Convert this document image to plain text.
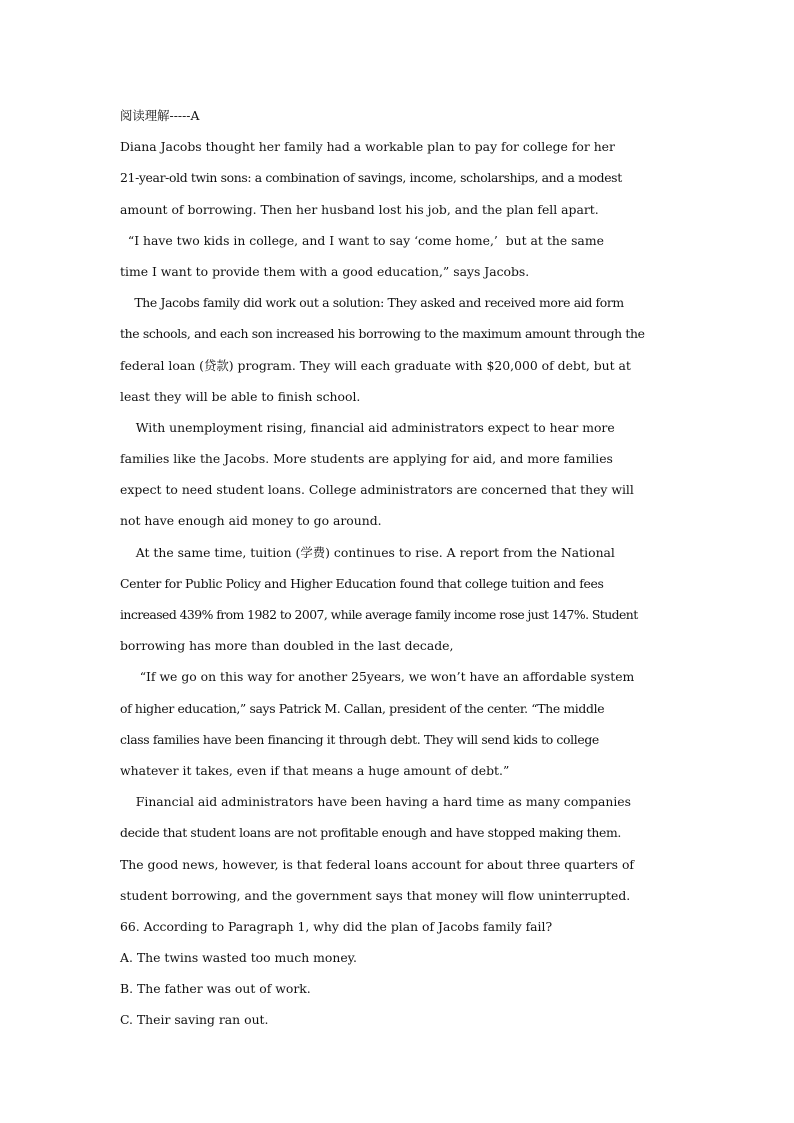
阅读理解-----A
Diana Jacobs thought her family had a workable plan to pay for college for her
21-year-old twin sons: a combination of savings, income, scholarships, and a modest
amount of borrowing. Then her husband lost his job, and the plan fell apart.
“I have two kids in college, and I want to say ‘come home,’  but at the same
time I want to provide them with a good education,” says Jacobs.
The Jacobs family did work out a solution: They asked and received more aid form
the schools, and each son increased his borrowing to the maximum amount through the
federal loan (贷款) program. They will each graduate with $20,000 of debt, but at
least they will be able to finish school.
With unemployment rising, financial aid administrators expect to hear more
families like the Jacobs. More students are applying for aid, and more families
expect to need student loans. College administrators are concerned that they will
not have enough aid money to go around.
At the same time, tuition (学费) continues to rise. A report from the National
Center for Public Policy and Higher Education found that college tuition and fees
increased 439% from 1982 to 2007, while average family income rose just 147%. Student
borrowing has more than doubled in the last decade,
“If we go on this way for another 25years, we won’t have an affordable system
of higher education,” says Patrick M. Callan, president of the center. “The middle
class families have been financing it through debt. They will send kids to college
whatever it takes, even if that means a huge amount of debt.”
Financial aid administrators have been having a hard time as many companies
decide that student loans are not profitable enough and have stopped making them.
The good news, however, is that federal loans account for about three quarters of
student borrowing, and the government says that money will flow uninterrupted.
66. According to Paragraph 1, why did the plan of Jacobs family fail?
A. The twins wasted too much money.
B. The father was out of work.
C. Their saving ran out.
